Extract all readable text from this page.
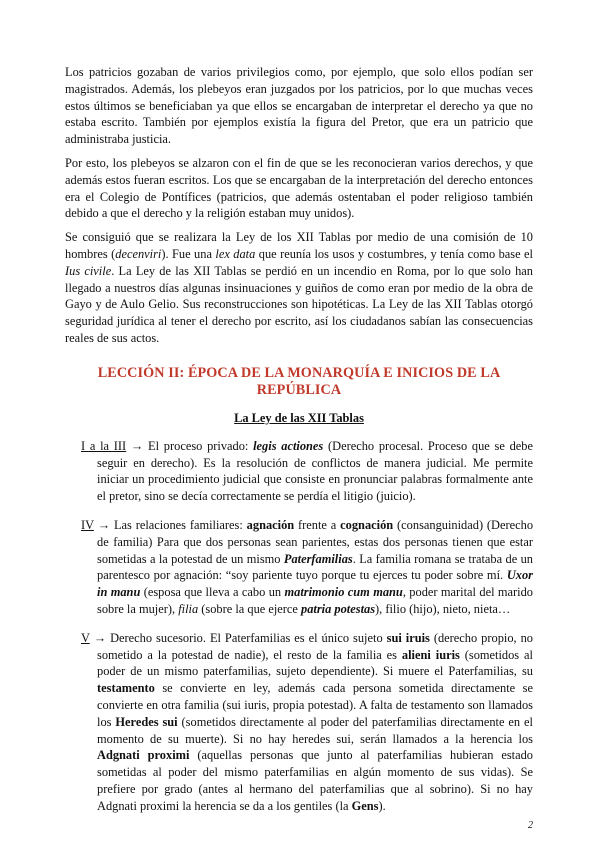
Los patricios gozaban de varios privilegios como, por ejemplo, que solo ellos podían ser magistrados. Además, los plebeyos eran juzgados por los patricios, por lo que muchas veces estos últimos se beneficiaban ya que ellos se encargaban de interpretar el derecho ya que no estaba escrito. También por ejemplos existía la figura del Pretor, que era un patricio que administraba justicia.

Por esto, los plebeyos se alzaron con el fin de que se les reconocieran varios derechos, y que además estos fueran escritos. Los que se encargaban de la interpretación del derecho entonces era el Colegio de Pontífices (patricios, que además ostentaban el poder religioso también debido a que el derecho y la religión estaban muy unidos).

Se consiguió que se realizara la Ley de los XII Tablas por medio de una comisión de 10 hombres (decenviri). Fue una lex data que reunía los usos y costumbres, y tenía como base el Ius civile. La Ley de las XII Tablas se perdió en un incendio en Roma, por lo que solo han llegado a nuestros días algunas insinuaciones y guiños de como eran por medio de la obra de Gayo y de Aulo Gelio. Sus reconstrucciones son hipotéticas. La Ley de las XII Tablas otorgó seguridad jurídica al tener el derecho por escrito, así los ciudadanos sabían las consecuencias reales de sus actos.

LECCIÓN II: ÉPOCA DE LA MONARQUÍA E INICIOS DE LA REPÚBLICA
La Ley de las XII Tablas
I a la III → El proceso privado: legis actiones (Derecho procesal. Proceso que se debe seguir en derecho). Es la resolución de conflictos de manera judicial. Me permite iniciar un procedimiento judicial que consiste en pronunciar palabras formalmente ante el pretor, sino se decía correctamente se perdía el litigio (juicio).
IV → Las relaciones familiares: agnación frente a cognación (consanguinidad) (Derecho de familia) Para que dos personas sean parientes, estas dos personas tienen que estar sometidas a la potestad de un mismo Paterfamilias. La familia romana se trataba de un parentesco por agnación: “soy pariente tuyo porque tu ejerces tu poder sobre mí. Uxor in manu (esposa que lleva a cabo un matrimonio cum manu, poder marital del marido sobre la mujer), filia (sobre la que ejerce patria potestas), filio (hijo), nieto, nieta…
V → Derecho sucesorio. El Paterfamilias es el único sujeto sui iruis (derecho propio, no sometido a la potestad de nadie), el resto de la familia es alieni iuris (sometidos al poder de un mismo paterfamilias, sujeto dependiente). Si muere el Paterfamilias, su testamento se convierte en ley, además cada persona sometida directamente se convierte en otra familia (sui iuris, propia potestad). A falta de testamento son llamados los Heredes sui (sometidos directamente al poder del paterfamilias directamente en el momento de su muerte). Si no hay heredes sui, serán llamados a la herencia los Adgnati proximi (aquellas personas que junto al paterfamilias hubieran estado sometidas al poder del mismo paterfamilias en algún momento de sus vidas). Se prefiere por grado (antes al hermano del paterfamilias que al sobrino). Si no hay Adgnati proximi la herencia se da a los gentiles (la Gens).
2
